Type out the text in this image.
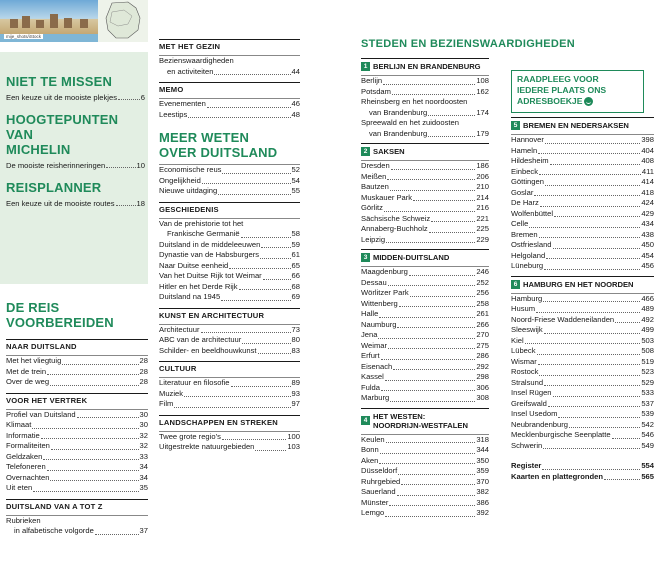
mije_shots/iStock
NIET TE MISSEN
Een keuze uit de mooiste plekjes	6
HOOGTEPUNTEN VAN
MICHELIN
De mooiste reisherinneringen	10
REISPLANNER
Een keuze uit de mooiste routes	18
DE REIS
VOORBEREIDEN
NAAR DUITSLAND
Met het vliegtuig	28
Met de trein	28
Over de weg	28
VOOR HET VERTREK
Profiel van Duitsland	30
Klimaat	30
Informatie	32
Formaliteiten	32
Geldzaken	33
Telefoneren	34
Overnachten	34
Uit eten	35
DUITSLAND VAN A TOT Z
Rubrieken
in alfabetische volgorde	37
MET HET GEZIN
Bezienswaardigheden
en activiteiten	44
MEMO
Evenementen	46
Leestips	48
MEER WETEN
OVER DUITSLAND
Economische reus	52
Ongelijkheid	54
Nieuwe uitdaging	55
GESCHIEDENIS
Van de prehistorie tot het
Frankische Germanië	58
Duitsland in de middeleeuwen	59
Dynastie van de Habsburgers	61
Naar Duitse eenheid	65
Van het Duitse Rijk tot Weimar	66
Hitler en het Derde Rijk	68
Duitsland na 1945	69
KUNST EN ARCHITECTUUR
Architectuur	73
ABC van de architectuur	80
Schilder- en beeldhouwkunst	83
CULTUUR
Literatuur en filosofie	89
Muziek	93
Film	97
LANDSCHAPPEN EN STREKEN
Twee grote regio’s	100
Uitgestrekte natuurgebieden	103
STEDEN EN BEZIENSWAARDIGHEDEN
1 BERLIJN EN BRANDENBURG
Berlijn	108
Potsdam	162
Rheinsberg en het noordoosten
van Brandenburg	174
Spreewald en het zuidoosten
van Brandenburg	179
2 SAKSEN
Dresden	186
Meißen	206
Bautzen	210
Muskauer Park	214
Görlitz	216
Sächsische Schweiz	221
Annaberg-Buchholz	225
Leipzig	229
3 MIDDEN-DUITSLAND
Maagdenburg	246
Dessau	252
Wörlitzer Park	256
Wittenberg	258
Halle	261
Naumburg	266
Jena	270
Weimar	275
Erfurt	286
Eisenach	292
Kassel	298
Fulda	306
Marburg	308
4 HET WESTEN:
NOORDRIJN-WESTFALEN
Keulen	318
Bonn	344
Aken	350
Düsseldorf	359
Ruhrgebied	370
Sauerland	382
Münster	386
Lemgo	392
RAADPLEEG VOOR
IEDERE PLAATS ONS
ADRESBOEKJE
5 BREMEN EN NEDERSAKSEN
Hannover	398
Hameln	404
Hildesheim	408
Einbeck	411
Göttingen	414
Goslar	418
De Harz	424
Wolfenbüttel	429
Celle	434
Bremen	438
Ostfriesland	450
Helgoland	454
Lüneburg	456
6 HAMBURG EN HET NOORDEN
Hamburg	466
Husum	489
Noord-Friese Waddeneilanden	492
Sleeswijk	499
Kiel	503
Lübeck	508
Wismar	519
Rostock	523
Stralsund	529
Insel Rügen	533
Greifswald	537
Insel Usedom	539
Neubrandenburg	542
Mecklenburgische Seenplatte	546
Schwerin	549
Register	554
Kaarten en plattegronden	565
